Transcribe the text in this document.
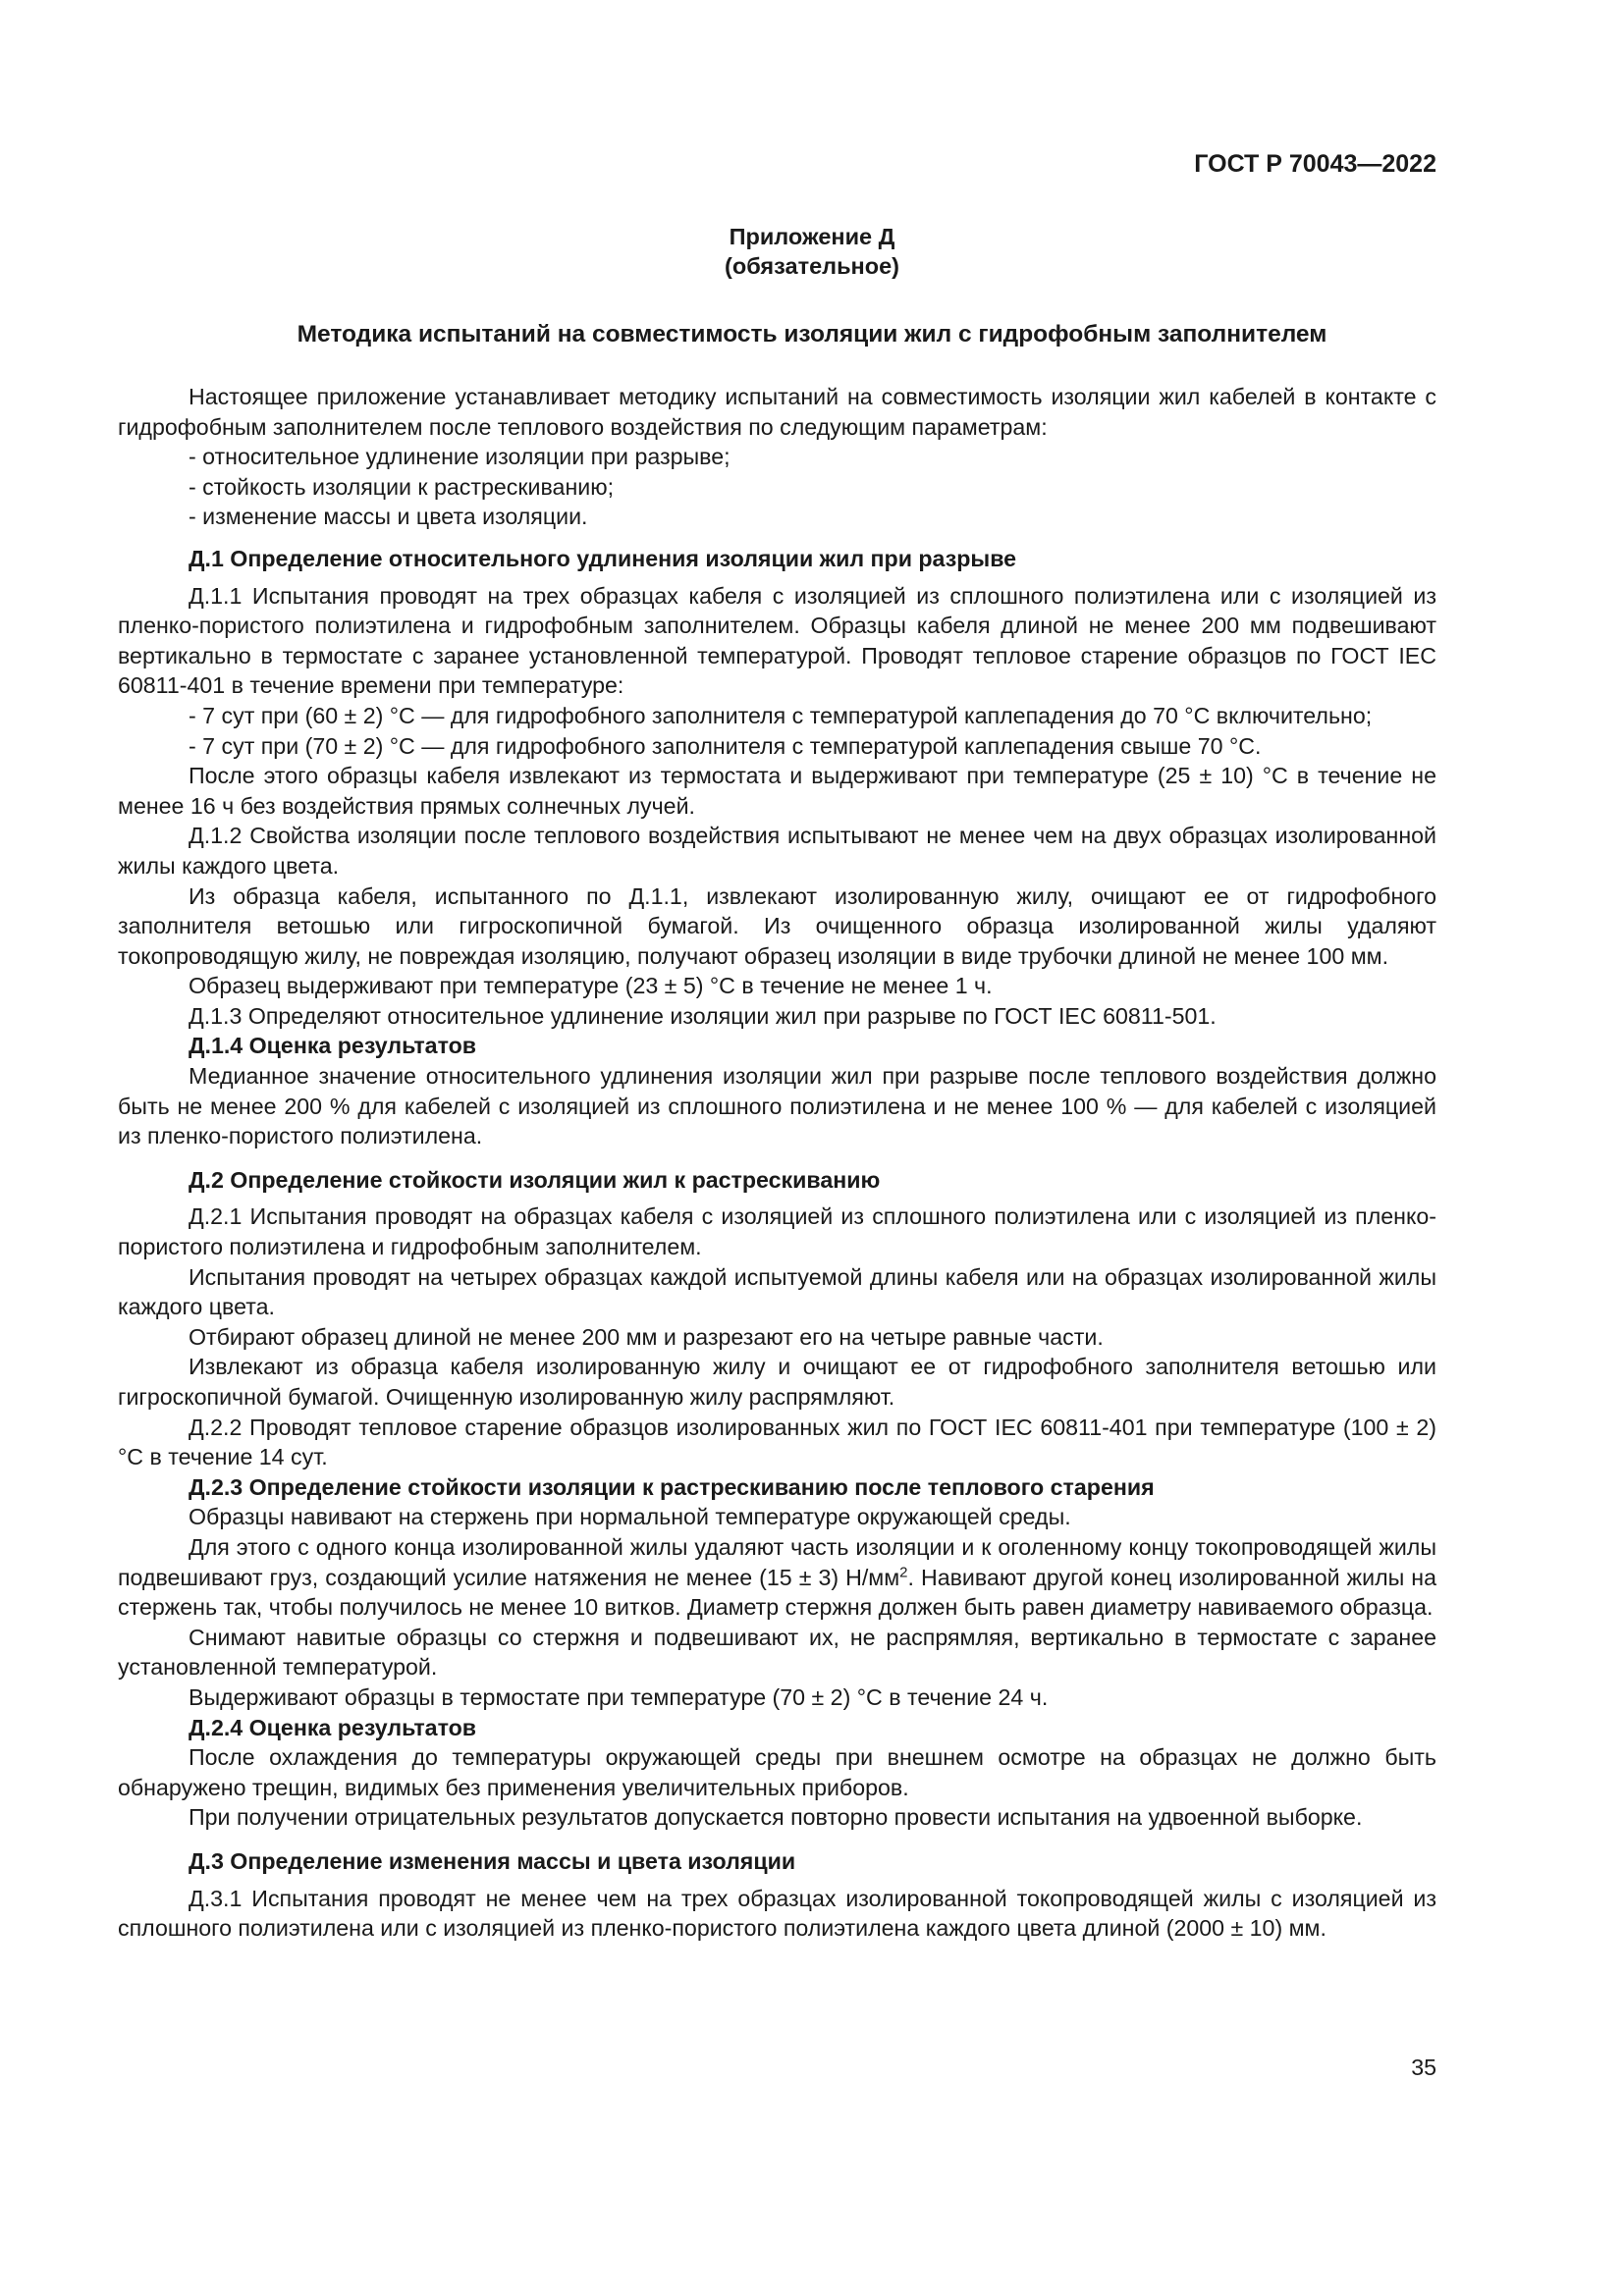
ГОСТ Р 70043—2022
Приложение Д
(обязательное)
Методика испытаний на совместимость изоляции жил с гидрофобным заполнителем

Настоящее приложение устанавливает методику испытаний на совместимость изоляции жил кабелей в контакте с гидрофобным заполнителем после теплового воздействия по следующим параметрам:

- относительное удлинение изоляции при разрыве;

- стойкость изоляции к растрескиванию;

- изменение массы и цвета изоляции.

Д.1 Определение относительного удлинения изоляции жил при разрыве

Д.1.1 Испытания проводят на трех образцах кабеля с изоляцией из сплошного полиэтилена или с изоляцией из пленко-пористого полиэтилена и гидрофобным заполнителем. Образцы кабеля длиной не менее 200 мм подвешивают вертикально в термостате с заранее установленной температурой. Проводят тепловое старение образцов по ГОСТ IEC 60811-401 в течение времени при температуре:

- 7 сут при (60 ± 2) °С — для гидрофобного заполнителя с температурой каплепадения до 70 °С включительно;

- 7 сут при (70 ± 2) °С — для гидрофобного заполнителя с температурой каплепадения свыше 70 °С.

После этого образцы кабеля извлекают из термостата и выдерживают при температуре (25 ± 10) °С в течение не менее 16 ч без воздействия прямых солнечных лучей.

Д.1.2 Свойства изоляции после теплового воздействия испытывают не менее чем на двух образцах изолированной жилы каждого цвета.

Из образца кабеля, испытанного по Д.1.1, извлекают изолированную жилу, очищают ее от гидрофобного заполнителя ветошью или гигроскопичной бумагой. Из очищенного образца изолированной жилы удаляют токопроводящую жилу, не повреждая изоляцию, получают образец изоляции в виде трубочки длиной не менее 100 мм.

Образец выдерживают при температуре (23 ± 5) °С в течение не менее 1 ч.

Д.1.3 Определяют относительное удлинение изоляции жил при разрыве по ГОСТ IEC 60811-501.

Д.1.4 Оценка результатов

Медианное значение относительного удлинения изоляции жил при разрыве после теплового воздействия должно быть не менее 200 % для кабелей с изоляцией из сплошного полиэтилена и не менее 100 % — для кабелей с изоляцией из пленко-пористого полиэтилена.

Д.2 Определение стойкости изоляции жил к растрескиванию

Д.2.1 Испытания проводят на образцах кабеля с изоляцией из сплошного полиэтилена или с изоляцией из пленко-пористого полиэтилена и гидрофобным заполнителем.

Испытания проводят на четырех образцах каждой испытуемой длины кабеля или на образцах изолированной жилы каждого цвета.

Отбирают образец длиной не менее 200 мм и разрезают его на четыре равные части.

Извлекают из образца кабеля изолированную жилу и очищают ее от гидрофобного заполнителя ветошью или гигроскопичной бумагой. Очищенную изолированную жилу распрямляют.

Д.2.2 Проводят тепловое старение образцов изолированных жил по ГОСТ IEC 60811-401 при температуре (100 ± 2) °С в течение 14 сут.

Д.2.3 Определение стойкости изоляции к растрескиванию после теплового старения

Образцы навивают на стержень при нормальной температуре окружающей среды.

Для этого с одного конца изолированной жилы удаляют часть изоляции и к оголенному концу токопроводящей жилы подвешивают груз, создающий усилие натяжения не менее (15 ± 3) $Н/мм^2$. Навивают другой конец изолированной жилы на стержень так, чтобы получилось не менее 10 витков. Диаметр стержня должен быть равен диаметру навиваемого образца.

Снимают навитые образцы со стержня и подвешивают их, не распрямляя, вертикально в термостате с заранее установленной температурой.

Выдерживают образцы в термостате при температуре (70 ± 2) °С в течение 24 ч.

Д.2.4 Оценка результатов

После охлаждения до температуры окружающей среды при внешнем осмотре на образцах не должно быть обнаружено трещин, видимых без применения увеличительных приборов.

При получении отрицательных результатов допускается повторно провести испытания на удвоенной выборке.

Д.3 Определение изменения массы и цвета изоляции

Д.3.1 Испытания проводят не менее чем на трех образцах изолированной токопроводящей жилы с изоляцией из сплошного полиэтилена или с изоляцией из пленко-пористого полиэтилена каждого цвета длиной (2000 ± 10) мм.

35
